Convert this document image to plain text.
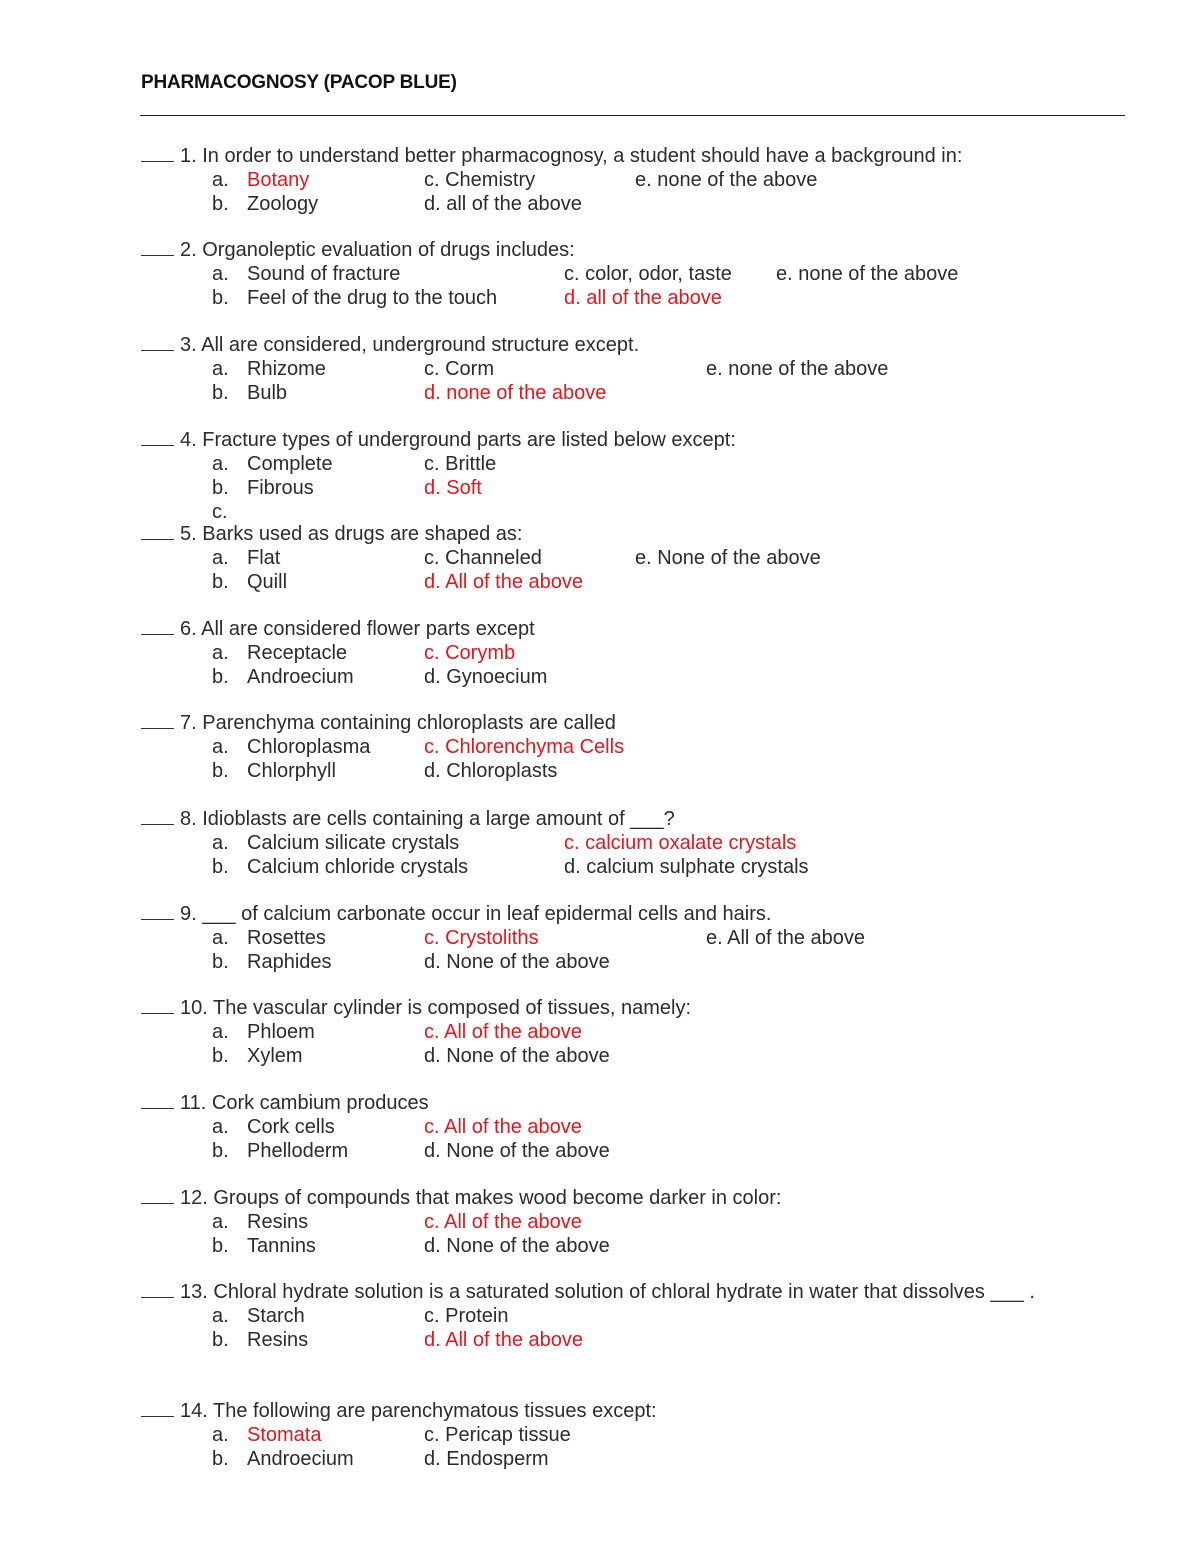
PHARMACOGNOSY (PACOP BLUE)
1. In order to understand better pharmacognosy, a student should have a background in:
a. Botany	c. Chemistry	e. none of the above
b. Zoology	d. all of the above
2. Organoleptic evaluation of drugs includes:
a. Sound of fracture	c. color, odor, taste e. none of the above
b. Feel of the drug to the touch	d. all of the above
3. All are considered, underground structure except.
a. Rhizome	c. Corm	e. none of the above
b. Bulb	d. none of the above
4. Fracture types of underground parts are listed below except:
a. Complete	c. Brittle
b. Fibrous	d. Soft
c.
5. Barks used as drugs are shaped as:
a. Flat	c. Channeled	e. None of the above
b. Quill	d. All of the above
6. All are considered flower parts except
a. Receptacle	c. Corymb
b. Androecium	d. Gynoecium
7. Parenchyma containing chloroplasts are called
a. Chloroplasma	c. Chlorenchyma Cells
b. Chlorphyll	d. Chloroplasts
8. Idioblasts are cells containing a large amount of ___?
a. Calcium silicate crystals	c. calcium oxalate crystals
b. Calcium chloride crystals	d. calcium sulphate crystals
9. ___ of calcium carbonate occur in leaf epidermal cells and hairs.
a. Rosettes	c. Crystoliths	e. All of the above
b. Raphides	d. None of the above
10. The vascular cylinder is composed of tissues, namely:
a. Phloem	c. All of the above
b. Xylem	d. None of the above
11. Cork cambium produces
a. Cork cells	c. All of the above
b. Phelloderm	d. None of the above
12. Groups of compounds that makes wood become darker in color:
a. Resins	c. All of the above
b. Tannins	d. None of the above
13. Chloral hydrate solution is a saturated solution of chloral hydrate in water that dissolves ___ .
a. Starch	c. Protein
b. Resins	d. All of the above
14. The following are parenchymatous tissues except:
a. Stomata	c. Pericap tissue
b. Androecium	d. Endosperm
